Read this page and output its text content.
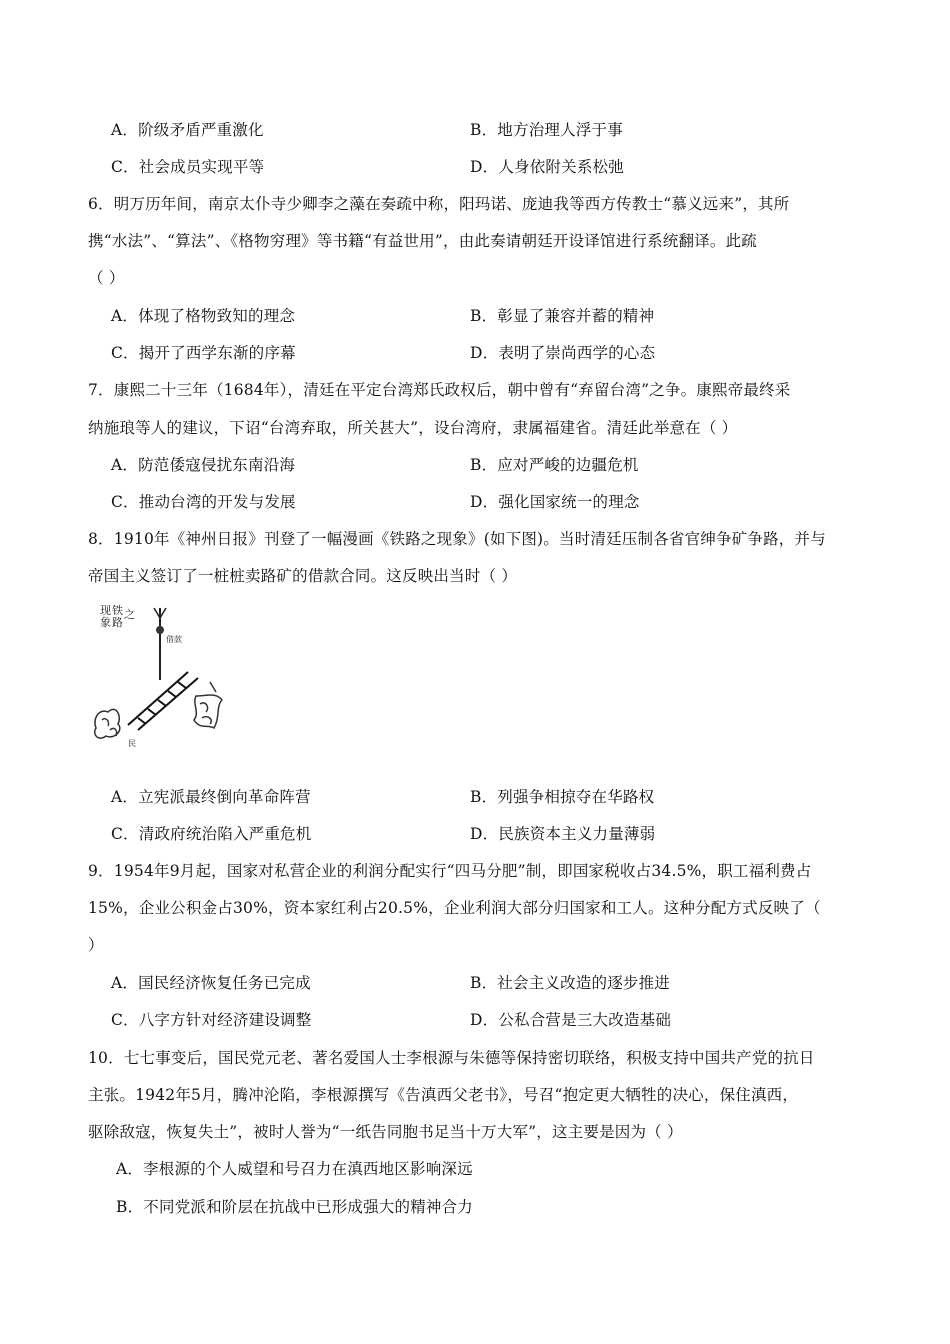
A．阶级矛盾严重激化	B．地方治理人浮于事
C．社会成员实现平等	D．人身依附关系松弛
6．明万历年间，南京太仆寺少卿李之藻在奏疏中称，阳玛诺、庞迪我等西方传教士“慕义远来”，其所
携“水法”、“算法”、《格物穷理》等书籍“有益世用”，由此奏请朝廷开设译馆进行系统翻译。此疏
（ ）
A．体现了格物致知的理念	B．彰显了兼容并蓄的精神
C．揭开了西学东渐的序幕	D．表明了崇尚西学的心态
7．康熙二十三年（1684年），清廷在平定台湾郑氏政权后，朝中曾有“弃留台湾”之争。康熙帝最终采
纳施琅等人的建议，下诏“台湾弃取，所关甚大”，设台湾府，隶属福建省。清廷此举意在（ ）
A．防范倭寇侵扰东南沿海	B．应对严峻的边疆危机
C．推动台湾的开发与发展	D．强化国家统一的理念
8．1910年《神州日报》刊登了一幅漫画《铁路之现象》(如下图)。当时清廷压制各省官绅争矿争路，并与
帝国主义签订了一桩桩卖路矿的借款合同。这反映出当时（ ）
铁 路 之 现 象
借款
民
A．立宪派最终倒向革命阵营	B．列强争相掠夺在华路权
C．清政府统治陷入严重危机	D．民族资本主义力量薄弱
9．1954年9月起，国家对私营企业的利润分配实行“四马分肥”制，即国家税收占34.5%，职工福利费占
15%，企业公积金占30%，资本家红利占20.5%，企业利润大部分归国家和工人。这种分配方式反映了（
）
A．国民经济恢复任务已完成	B．社会主义改造的逐步推进
C．八字方针对经济建设调整	D．公私合营是三大改造基础
10．七七事变后，国民党元老、著名爱国人士李根源与朱德等保持密切联络，积极支持中国共产党的抗日
主张。1942年5月，腾冲沦陷，李根源撰写《告滇西父老书》，号召“抱定更大牺牲的决心，保住滇西，
驱除敌寇，恢复失土”，被时人誉为“一纸告同胞书足当十万大军”，这主要是因为（ ）
A．李根源的个人威望和号召力在滇西地区影响深远
B．不同党派和阶层在抗战中已形成强大的精神合力
